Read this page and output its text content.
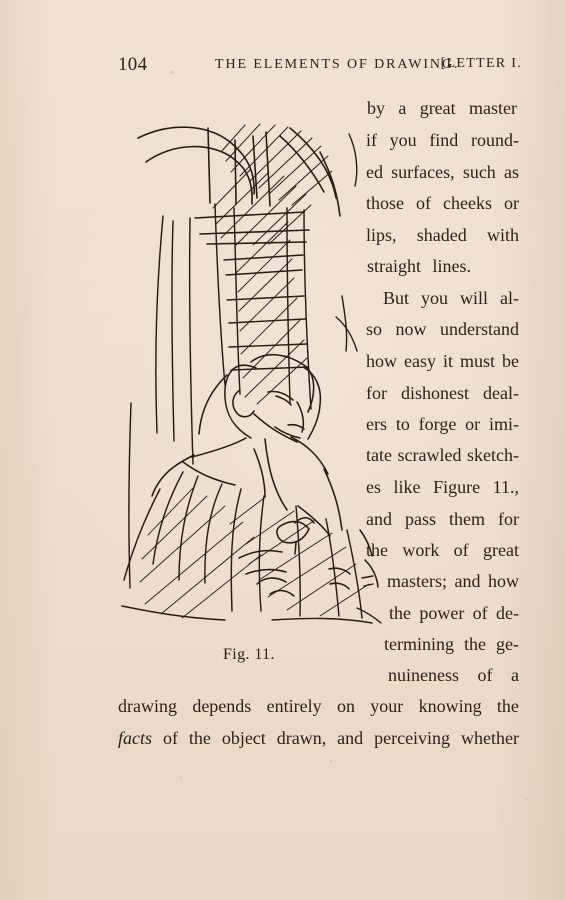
104	THE ELEMENTS OF DRAWING.
[LETTER I.
Fig. 11.
by a great master
if you find round-
ed surfaces, such as
those of cheeks or
lips, shaded with
straight lines.
But you will al-
so now understand
how easy it must be
for dishonest deal-
ers to forge or imi-
tate scrawled sketch-
es like Figure 11.,
and pass them for
the work of great
masters; and how
the power of de-
termining the ge-
nuineness of a
drawing depends entirely on your knowing the
facts of the object drawn, and perceiving whether
